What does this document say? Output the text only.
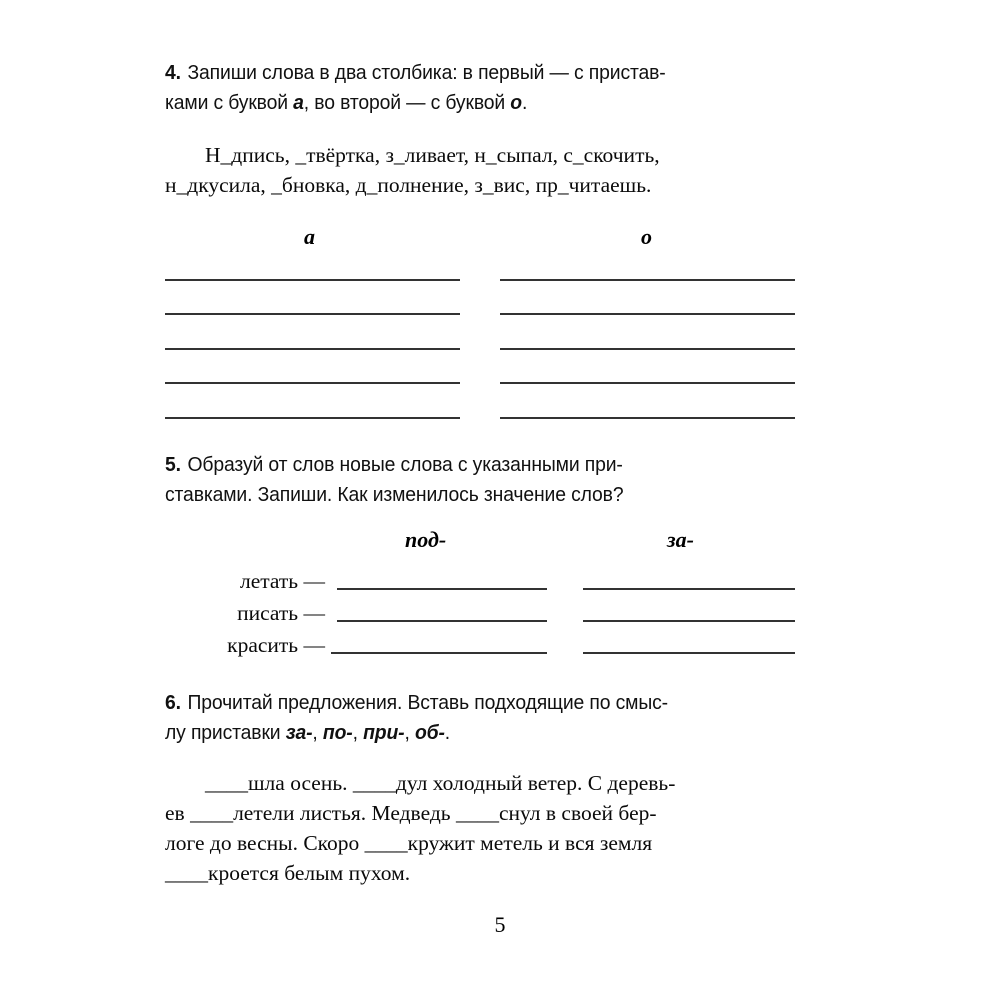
4. Запиши слова в два столбика: в первый — с пристав-
ками с буквой а, во второй — с буквой о.
Н_дпись, _твёртка, з_ливает, н_сыпал, с_скочить,
н_дкусила, _бновка, д_полнение, з_вис, пр_читаешь.
а	о
5. Образуй от слов новые слова с указанными при-
ставками. Запиши. Как изменилось значение слов?
под-	за-
летать —
писать —
красить —
6. Прочитай предложения. Вставь подходящие по смыс-
лу приставки за-, по-, при-, об-.
____шла осень. ____дул холодный ветер. С деревь-
ев ____летели листья. Медведь ____снул в своей бер-
логе до весны. Скоро ____кружит метель и вся земля
____кроется белым пухом.
5
